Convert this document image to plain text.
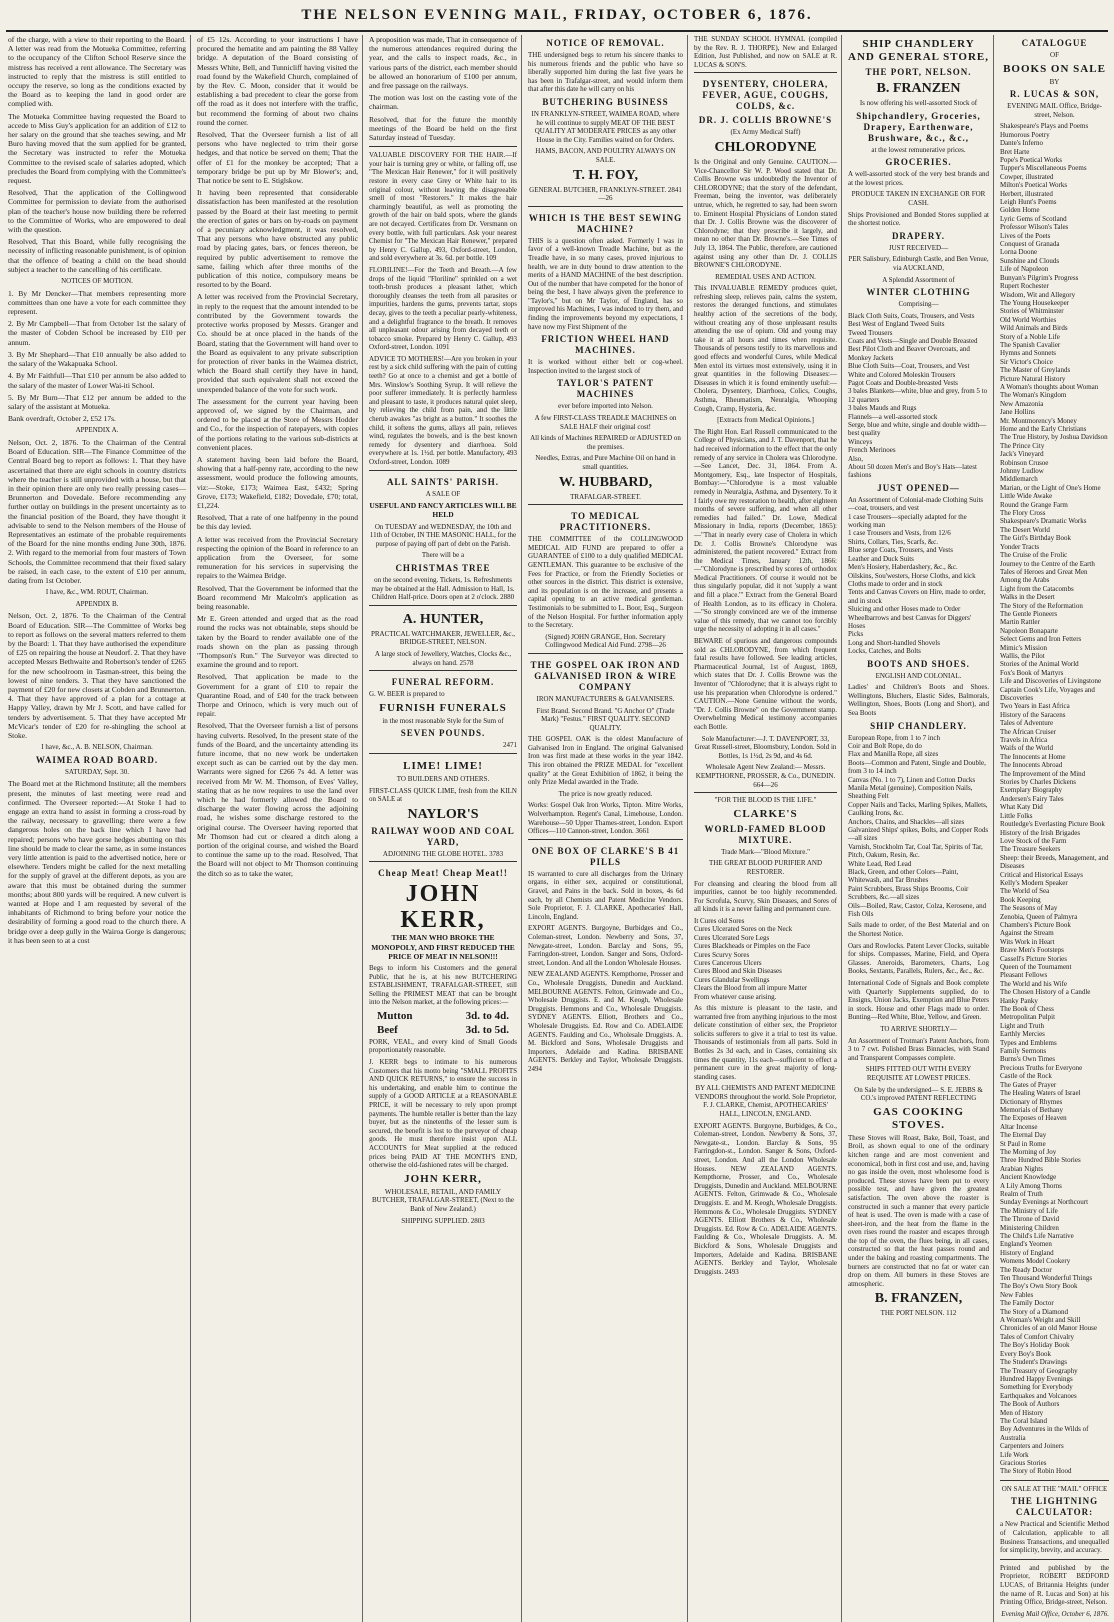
THE NELSON EVENING MAIL, FRIDAY, OCTOBER 6, 1876.

of the charge, with a view to their reporting to the Board. A letter was read from the Motueka Committee, referring to the occupancy of the Clifton School Reserve since the mistress has received a rent allowance. The Secretary was instructed to reply that the mistress is still entitled to occupy the reserve, so long as the conditions exacted by the Board as to keeping the land in good order are complied with.

The Motueka Committee having requested the Board to accede to Miss Guy's application for an addition of £12 to her salary on the ground that she teaches sewing, and Mr Buro having moved that the sum applied for be granted, the Secretary was instructed to refer the Motueka Committee to the revised scale of salaries adopted, which precludes the Board from complying with the Committee's request.

Resolved, That the application of the Collingwood Committee for permission to deviate from the authorised plan of the teacher's house now building there be referred to the Committee of Works, who are empowered to deal with the question.

Resolved, That this Board, while fully recognising the necessity of inflicting reasonable punishment, is of opinion that the offence of beating a child on the head should subject a teacher to the cancelling of his certificate.

NOTICES OF MOTION.

1. By Mr Dencker—That members representing more committees than one have a vote for each committee they represent.

2. By Mr Campbell—That from October 1st the salary of the master of Cobden School be increased by £10 per annum.

3. By Mr Shephard—That £10 annually be also added to the salary of the Wakapuaka School.

4. By Mr Faithfull—That £10 per annum be also added to the salary of the master of Lower Wai-iti School.

5. By Mr Burn—That £12 per annum be added to the salary of the assistant at Motueka.

Bank overdraft, October 2, £52 17s.

APPENDIX A.

Nelson, Oct. 2, 1876. To the Chairman of the Central Board of Education. SIR—The Finance Committee of the Central Board beg to report as follows: 1. That they have ascertained that there are eight schools in country districts where the teacher is still unprovided with a house, but that in their opinion there are only two really pressing cases—Brunnerton and Dovedale. Before recommending any further outlay on buildings in the present uncertainty as to the financial position of the Board, they have thought it advisable to send to the Nelson members of the House of Representatives an estimate of the probable requirements of the Board for the nine months ending June 30th, 1876. 2. With regard to the memorial from four masters of Town Schools, the Committee recommend that their fixed salary be raised, in each case, to the extent of £10 per annum, dating from 1st October.

I have, &c., WM. ROUT, Chairman.

APPENDIX B.

Nelson, Oct. 2, 1876. To the Chairman of the Central Board of Education. SIR—The Committee of Works beg to report as follows on the several matters referred to them by the Board: 1. That they have authorised the expenditure of £25 on repairing the house at Neudorf. 2. That they have accepted Messrs Bethwaite and Robertson's tender of £265 for the new schoolroom in Tasman-street, this being the lowest of nine tenders. 3. That they have sanctioned the payment of £20 for new closets at Cobden and Brunnerton. 4. That they have approved of a plan for a cottage at Happy Valley, drawn by Mr J. Scott, and have called for tenders by advertisement. 5. That they have accepted Mr McVicar's tender of £20 for re-shingling the school at Stoke.

I have, &c., A. B. NELSON, Chairman.

WAIMEA ROAD BOARD.

SATURDAY, Sept. 30.

The Board met at the Richmond Institute; all the members present, the minutes of last meeting were read and confirmed. The Overseer reported:—At Stoke I had to engage an extra hand to assist in forming a cross-road by the railway, necessary to gravelling; there were a few dangerous holes on the back line which I have had repaired; persons who have gorse hedges abutting on this line should be made to clear the same, as in some instances very little attention is paid to the advertised notice, here or elsewhere. Tenders might be called for the next metalling for the supply of gravel at the different depots, as you are aware that this must be obtained during the summer months; about 800 yards will be required. A new culvert is wanted at Hope and I am requested by several of the inhabitants of Richmond to bring before your notice the desirability of forming a good road to the church there. A bridge over a deep gully in the Wairoa Gorge is dangerous; it has been seen to at a cost

of £5 12s. According to your instructions I have procured the hematite and am painting the 88 Valley bridge. A deputation of the Board consisting of Messrs White, Bell, and Tunnicliff having visited the road found by the Wakefield Church, complained of by the Rev. C. Moon, consider that it would be establishing a bad precedent to clear the gorse from off the road as it does not interfere with the traffic, but recommend the forming of about two chains round the corner.

Resolved, That the Overseer furnish a list of all persons who have neglected to trim their gorse hedges, and that notice be served on them; That the offer of £1 for the monkey be accepted; That a temporary bridge be put up by Mr Blower's; and, That notice be sent to E. Stiglskow.

It having been represented that considerable dissatisfaction has been manifested at the resolution passed by the Board at their last meeting to permit the erection of gates or bars on by-roads on payment of a pecuniary acknowledgment, it was resolved, That any persons who have obstructed any public road by placing gates, bars, or fences thereon, be required by public advertisement to remove the same, failing which after three months of the publication of this notice, compulsory means be resorted to by the Board.

A letter was received from the Provincial Secretary, in reply to the request that the amount intended to be contributed by the Government towards the protective works proposed by Messrs. Granger and Co. should be at once placed in the hands of the Board, stating that the Government will hand over to the Board as equivalent to any private subscription for protection of river banks in the Waimea district, which the Board shall certify they have in hand, provided that such equivalent shall not exceed the unexpended balance of the vote for such work.

The assessment for the current year having been approved of, we signed by the Chairman, and ordered to be placed at the Store of Messrs Hodder and Co., for the inspection of ratepayers, with copies of the portions relating to the various sub-districts at convenient places.

A statement having been laid before the Board, showing that a half-penny rate, according to the new assessment, would produce the following amounts, viz:—Stoke, £173; Waimea East, £432; Spring Grove, £173; Wakefield, £182; Dovedale, £70; total, £1,224.

Resolved, That a rate of one halfpenny in the pound be this day levied.

A letter was received from the Provincial Secretary respecting the opinion of the Board in reference to an application from the Overseer, for some remuneration for his services in supervising the repairs to the Waimea Bridge.

Resolved, That the Government be informed that the Board recommend Mr Malcolm's application as being reasonable.

Mr E. Green attended and urged that as the road round the rocks was not obtainable, steps should be taken by the Board to render available one of the roads shown on the plan as passing through "Thompson's Run." The Surveyor was directed to examine the ground and to report.

Resolved, That application be made to the Government for a grant of £10 to repair the Quarantine Road, and of £40 for the track between Thorpe and Orinoco, which is very much out of repair.

Resolved, That the Overseer furnish a list of persons having culverts. Resolved, In the present state of the funds of the Board, and the uncertainty attending its future income, that no new work be undertaken except such as can be carried out by the day men. Warrants were signed for £266 7s 4d. A letter was received from Mr W. M. Thomson, of Eves' Valley, stating that as he now requires to use the land over which he had formerly allowed the Board to discharge the water flowing across the adjoining road, he wishes some discharge restored to the original course. The Overseer having reported that Mr Thomson had cut or cleared a ditch along a portion of the original course, and wished the Board to continue the same up to the road. Resolved, That the Board will not object to Mr Thomson continuing the ditch so as to take the water,

A proposition was made, That in consequence of the numerous attendances required during the year, and the calls to inspect roads, &c., in various parts of the district, each member should be allowed an honorarium of £100 per annum, and free passage on the railways.

The motion was lost on the casting vote of the chairman.

Resolved, that for the future the monthly meetings of the Board be held on the first Saturday instead of Tuesday.

VALUABLE DISCOVERY FOR THE HAIR.—If your hair is turning grey or white, or falling off, use "The Mexican Hair Renewer," for it will positively restore in every case Grey or White hair to its original colour, without leaving the disagreeable smell of most "Restorers." It makes the hair charmingly beautiful, as well as promoting the growth of the hair on bald spots, where the glands are not decayed. Certificates from Dr. Versmann on every bottle, with full particulars. Ask your nearest Chemist for "The Mexican Hair Renewer," prepared by Henry C. Gallup, 493, Oxford-street, London, and sold everywhere at 3s. 6d. per bottle. 109

FLORILINE!—For the Teeth and Breath.—A few drops of the liquid "Floriline" sprinkled on a wet tooth-brush produces a pleasant lather, which thoroughly cleanses the teeth from all parasites or impurities, hardens the gums, prevents tartar, stops decay, gives to the teeth a peculiar pearly-whiteness, and a delightful fragrance to the breath. It removes all unpleasant odour arising from decayed teeth or tobacco smoke. Prepared by Henry C. Gallup, 493 Oxford-street, London. 1091

ADVICE TO MOTHERS!—Are you broken in your rest by a sick child suffering with the pain of cutting teeth? Go at once to a chemist and get a bottle of Mrs. Winslow's Soothing Syrup. It will relieve the poor sufferer immediately. It is perfectly harmless and pleasant to taste, it produces natural quiet sleep, by relieving the child from pain, and the little cherub awakes "as bright as a button." It soothes the child, it softens the gums, allays all pain, relieves wind, regulates the bowels, and is the best known remedy for dysentery and diarrhoea. Sold everywhere at 1s. 1½d. per bottle. Manufactory, 493 Oxford-street, London. 1089

ALL SAINTS' PARISH.

A SALE OF

USEFUL AND FANCY ARTICLES WILL BE HELD

On TUESDAY and WEDNESDAY, the 10th and 11th of October, IN THE MASONIC HALL, for the purpose of paying off part of debt on the Parish.

There will be a

CHRISTMAS TREE

on the second evening. Tickets, 1s. Refreshments may be obtained at the Hall. Admission to Hall, 1s. Children Half-price. Doors open at 2 o'clock. 2880

A. HUNTER,

PRACTICAL WATCHMAKER, JEWELLER, &c., BRIDGE-STREET, NELSON.

A large stock of Jewellery, Watches, Clocks &c., always on hand. 2578

FUNERAL REFORM.

G. W. BEER is prepared to

FURNISH FUNERALS

in the most reasonable Style for the Sum of

SEVEN POUNDS.

2471

LIME! LIME!

TO BUILDERS AND OTHERS.

FIRST-CLASS QUICK LIME, fresh from the KILN on SALE at

NAYLOR'S
RAILWAY WOOD AND COAL YARD,

ADJOINING THE GLOBE HOTEL. 3783

Cheap Meat! Cheap Meat!!
JOHN KERR,

THE MAN WHO BROKE THE MONOPOLY, AND FIRST REDUCED THE PRICE OF MEAT IN NELSON!!!

Begs to inform his Customers and the general Public, that he is, at his new BUTCHERING ESTABLISHMENT, TRAFALGAR-STREET, still Selling the PRIMEST MEAT that can be brought into the Nelson market, at the following prices:—

Mutton	3d. to 4d.
Beef	3d. to 5d.

PORK, VEAL, and every kind of Small Goods proportionately reasonable.

J. KERR begs to intimate to his numerous Customers that his motto being "SMALL PROFITS AND QUICK RETURNS," to ensure the success in his undertaking, and enable him to continue the supply of a GOOD ARTICLE at a REASONABLE PRICE, it will be necessary to rely upon prompt payments. The humble retaller is better than the lazy buyer, but as the ninetenths of the lesser sum is secured, the benefit is lost to the purveyor of cheap goods. He must therefore insist upon ALL ACCOUNTS for Meat supplied at the reduced prices being PAID AT THE MONTH'S END, otherwise the old-fashioned rates will be charged.

JOHN KERR,

WHOLESALE, RETAIL, AND FAMILY BUTCHER, TRAFALGAR-STREET, (Next to the Bank of New Zealand.)

SHIPPING SUPPLIED. 2803

NOTICE OF REMOVAL.

THE undersigned begs to return his sincere thanks to his numerous friends and the public who have so liberally supported him during the last five years he has been in Trafalgar-street, and would inform them that after this date he will carry on his

BUTCHERING BUSINESS

IN FRANKLYN-STREET, WAIMEA ROAD, where he will continue to supply MEAT OF THE BEST QUALITY AT MODERATE PRICES as any other House in the City. Families waited on for Orders.

HAMS, BACON, AND POULTRY ALWAYS ON SALE.

T. H. FOY,

GENERAL BUTCHER, FRANKLYN-STREET. 2841—26

WHICH IS THE BEST SEWING MACHINE?

THIS is a question often asked. Formerly I was in favor of a well-known Treadle Machine, but as the Treadle have, in so many cases, proved injurious to health, we are in duty bound to draw attention to the merits of a HAND MACHINE of the best description. Out of the number that have competed for the honor of being the best, I have always given the preference to "Taylor's," but on Mr Taylor, of England, has so improved his Machines, I was induced to try them, and finding the improvements beyond my expectations, I have now my First Shipment of the

FRICTION WHEEL HAND MACHINES.

It is worked without either belt or cog-wheel. Inspection invited to the largest stock of

TAYLOR'S PATENT MACHINES

ever before imported into Nelson.

A few FIRST-CLASS TREADLE MACHINES on SALE HALF their original cost!

All kinds of Machines REPAIRED or ADJUSTED on the premises.

Needles, Extras, and Pure Machine Oil on hand in small quantities.

W. HUBBARD,

TRAFALGAR-STREET.

TO MEDICAL PRACTITIONERS.

THE COMMITTEE of the COLLINGWOOD MEDICAL AID FUND are prepared to offer a GUARANTEE of £100 to a duly qualified MEDICAL GENTLEMAN. This guarantee to be exclusive of the Fees for Practice, or from the Friendly Societies or other sources in the district. This district is extensive, and its population is on the increase, and presents a capital opening to an active medical gentleman. Testimonials to be submitted to L. Boor, Esq., Surgeon of the Nelson Hospital. For further information apply to the Secretary.

(Signed) JOHN GRANGE, Hon. Secretary Collingwood Medical Aid Fund. 2798—26

THE GOSPEL OAK IRON AND GALVANISED IRON & WIRE COMPANY

IRON MANUFACTURERS & GALVANISERS.

First Brand. Second Brand. "G Anchor O" (Trade Mark) "Festus." FIRST QUALITY. SECOND QUALITY.

THE GOSPEL OAK is the oldest Manufacture of Galvanised Iron in England. The original Galvanised Iron was first made at these works in the year 1842. This iron obtained the PRIZE MEDAL for "excellent quality" at the Great Exhibition of 1862, it being the only Prize Medal awarded in the Trade.

The price is now greatly reduced.

Works: Gospel Oak Iron Works, Tipton. Mitre Works, Wolverhampton. Regent's Canal, Limehouse, London. Warehouse—50 Upper Thames-street, London. Export Offices—110 Cannon-street, London. 3661

ONE BOX OF CLARKE'S B 41 PILLS

IS warranted to cure all discharges from the Urinary organs, in either sex, acquired or constitutional, Gravel, and Pains in the back. Sold in boxes, 4s 6d each, by all Chemists and Patent Medicine Vendors. Sole Proprietor, F. J. CLARKE, Apothecaries' Hall, Lincoln, England.

EXPORT AGENTS. Burgoyne, Burbidges and Co., Coleman-street, London. Newberry and Sons, 37, Newgate-street, London. Barclay and Sons, 95, Farringdon-street, London. Sanger and Sons, Oxford-street, London. And all the London Wholesale Houses.

NEW ZEALAND AGENTS. Kempthorne, Prosser and Co., Wholesale Druggists, Dunedin and Auckland. MELBOURNE AGENTS. Felton, Grimwade and Co., Wholesale Druggists. E. and M. Keogh, Wholesale Druggists. Hemmons and Co., Wholesale Druggists. SYDNEY AGENTS. Elliott, Brothers and Co., Wholesale Druggists. Ed. Row and Co. ADELAIDE AGENTS. Faulding and Co., Wholesale Druggists. A. M. Bickford and Sons, Wholesale Druggists and Importers, Adelaide and Kadina. BRISBANE AGENTS. Berkley and Taylor, Wholesale Druggists. 2494

THE SUNDAY SCHOOL HYMNAL (compiled by the Rev. R. J. THORPE), New and Enlarged Edition, Just Published, and now on SALE at R. LUCAS & SON'S.

DYSENTERY, CHOLERA, FEVER, AGUE, COUGHS, COLDS, &c.
DR. J. COLLIS BROWNE'S

(Ex Army Medical Staff)

CHLORODYNE

Is the Original and only Genuine. CAUTION.—Vice-Chancellor Sir W. P. Wood stated that Dr. Collis Browne was undoubtedly the Inventor of CHLORODYNE; that the story of the defendant, Freeman, being the inventor, was deliberately untrue, which, he regretted to say, had been sworn to. Eminent Hospital Physicians of London stated that Dr. J. Collis Browne was the discoverer of Chlorodyne; that they prescribe it largely, and mean no other than Dr. Browne's.—See Times of July 13, 1864. The Public, therefore, are cautioned against using any other than Dr. J. COLLIS BROWNE'S CHLORODYNE.

REMEDIAL USES AND ACTION.

This INVALUABLE REMEDY produces quiet, refreshing sleep, relieves pain, calms the system, restores the deranged functions, and stimulates healthy action of the secretions of the body, without creating any of those unpleasant results attending the use of opium. Old and young may take it at all hours and times when requisite. Thousands of persons testify to its marvellous and good effects and wonderful Cures, while Medical Men extol its virtues most extensively, using it in great quantities in the following Diseases:—Diseases in which it is found eminently useful:—Cholera, Dysentery, Diarrhoea, Colics, Coughs, Asthma, Rheumatism, Neuralgia, Whooping Cough, Cramp, Hysteria, &c.

[Extracts from Medical Opinions.]

The Right Hon. Earl Russell communicated to the College of Physicians, and J. T. Davenport, that he had received information to the effect that the only remedy of any service in Cholera was Chlorodyne.—See Lancet, Dec. 31, 1864. From A. Montgomery, Esq., late Inspector of Hospitals, Bombay:—"Chlorodyne is a most valuable remedy in Neuralgia, Asthma, and Dysentery. To it I fairly owe my restoration to health, after eighteen months of severe suffering, and when all other remedies had failed." Dr. Lowe, Medical Missionary in India, reports (December, 1865):—"That in nearly every case of Cholera in which Dr. J. Collis Browne's Chlorodyne was administered, the patient recovered." Extract from the Medical Times, January 12th, 1866:—"Chlorodyne is prescribed by scores of orthodox Medical Practitioners. Of course it would not be thus singularly popular, did it not 'supply a want and fill a place.'" Extract from the General Board of Health London, as to its efficacy in Cholera.—"So strongly convinced are we of the immense value of this remedy, that we cannot too forcibly urge the necessity of adopting it in all cases."

BEWARE of spurious and dangerous compounds sold as CHLORODYNE, from which frequent fatal results have followed. See leading articles, Pharmaceutical Journal, 1st of August, 1869, which states that Dr. J. Collis Browne was the Inventor of "Chlorodyne; that it is always right to use his preparation when Chlorodyne is ordered." CAUTION.—None Genuine without the words, "Dr. J. Collis Browne" on the Government stamp. Overwhelming Medical testimony accompanies each Bottle.

Sole Manufacturer:—J. T. DAVENPORT, 33, Great Russell-street, Bloomsbury, London. Sold in Bottles, 1s 1½d, 2s 9d, and 4s 6d.

Wholesale Agent New Zealand:— Messrs. KEMPTHORNE, PROSSER, & Co., DUNEDIN. 664—26

"FOR THE BLOOD IS THE LIFE."

CLARKE'S
WORLD-FAMED BLOOD MIXTURE.

Trade Mark—"Blood Mixture."

THE GREAT BLOOD PURIFIER AND RESTORER.

For cleansing and clearing the blood from all impurities, cannot be too highly recommended. For Scrofula, Scurvy, Skin Diseases, and Sores of all kinds it is a never failing and permanent cure.

It Cures old Sores
Cures Ulcerated Sores on the Neck
Cures Ulcerated Sore Legs
Cures Blackheads or Pimples on the Face
Cures Scurvy Sores
Cures Cancerous Ulcers
Cures Blood and Skin Diseases
Cures Glandular Swellings
Clears the Blood from all impure Matter
From whatever cause arising.

As this mixture is pleasant to the taste, and warranted free from anything injurious to the most delicate constitution of either sex, the Proprietor solicits sufferers to give it a trial to test its value. Thousands of testimonials from all parts. Sold in Bottles 2s 3d each, and in Cases, containing six times the quantity, 11s each—sufficient to effect a permanent cure in the great majority of long-standing cases.

BY ALL CHEMISTS AND PATENT MEDICINE VENDORS throughout the world. Sole Proprietor, F. J. CLARKE, Chemist, APOTHECARIES' HALL, LINCOLN, ENGLAND.

EXPORT AGENTS. Burgoyne, Burbidges, & Co., Coleman-street, London. Newberry & Sons, 37, Newgate-st., London. Barclay & Sons, 95 Farringdon-st., London. Sanger & Sons, Oxford-street, London. And all the London Wholesale Houses. NEW ZEALAND AGENTS. Kempthorne, Prosser, and Co., Wholesale Druggists, Dunedin and Auckland. MELBOURNE AGENTS. Felton, Grimwade & Co., Wholesale Druggists. E. and M. Keogh, Wholesale Druggists. Hemmons & Co., Wholesale Druggists. SYDNEY AGENTS. Elliott Brothers & Co., Wholesale Druggists. Ed. Row & Co. ADELAIDE AGENTS. Faulding & Co., Wholesale Druggists. A. M. Bickford & Sons, Wholesale Druggists and Importers, Adelaide and Kadina. BRISBANE AGENTS. Berkley and Taylor, Wholesale Druggists. 2493

SHIP CHANDLERY AND GENERAL STORE,
THE PORT, NELSON.
B. FRANZEN

Is now offering his well-assorted Stock of

Shipchandlery, Groceries, Drapery, Earthenware, Brushware, &c., &c.,

at the lowest remunerative prices.

GROCERIES.

A well-assorted stock of the very best brands and at the lowest prices.

PRODUCE TAKEN IN EXCHANGE OR FOR CASH.

Ships Provisioned and Bonded Stores supplied at the shortest notice.

DRAPERY.

JUST RECEIVED—

PER Salisbury, Edinburgh Castle, and Ben Venue, via AUCKLAND,

A Splendid Assortment of

WINTER CLOTHING

Comprising—

Black Cloth Suits, Coats, Trousers, and Vests
Best West of England Tweed Suits
Tweed Trousers
Coats and Vests—Single and Double Breasted
Best Pilot Cloth and Beaver Overcoats, and Monkey Jackets
Blue Cloth Suits—Coat, Trousers, and Vest
White and Colored Moleskin Trousers
Pagot Coats and Double-breasted Vests
3 bales Blankets—white, blue and grey, from 5 to 12 quarters
3 bales Mauds and Rugs
Flannels—a well-assorted stock
Serge, blue and white, single and double width—best quality
Winceys
French Merinoes
Also,
About 50 dozen Men's and Boy's Hats—latest fashions
JUST OPENED—
An Assortment of Colonial-made Clothing Suits—coat, trousers, and vest
1 case Trousers—specially adapted for the working man
1 case Trousers and Vests, from 12/6
Shirts, Collars, Ties, Scarfs, &c.
Blue serge Coats, Trousers, and Vests
Leather and Duck Suits
Men's Hosiery, Haberdashery, &c., &c.
Oilskins, Sou'westers, Horse Cloths, and kick Cloths made to order and in stock
Tents and Canvas Covers on Hire, made to order, and in stock
Sluicing and other Hoses made to Order
Wheelbarrows and best Canvas for Diggers' Hoses
Picks
Long and Short-handled Shovels
Locks, Catches, and Bolts
BOOTS AND SHOES.

ENGLISH AND COLONIAL.

Ladies' and Children's Boots and Shoes. Wellingtons, Bluchers, Elastic Sides, Balmorals, Wellington, Shoes, Boots (Long and Short), and Sea Boots

SHIP CHANDLERY.
European Rope, from 1 to 7 inch
Coir and Bolt Rope, do do
Flax and Manilla Rope, all sizes
Boots—Common and Patent, Single and Double, from 3 to 14 inch
Canvas (No. 1 to 7), Linen and Cotton Ducks
Manila Metal (genuine), Composition Nails, Sheathing Felt
Copper Nails and Tacks, Marling Spikes, Mallets, Caulking Irons, &c.
Anchors, Chains, and Shackles—all sizes
Galvanized Ships' spikes, Bolts, and Copper Rods—all sizes
Varnish, Stockholm Tar, Coal Tar, Spirits of Tar, Pitch, Oakum, Resin, &c.
White Lead, Red Lead
Black, Green, and other Colors—Paint, Whitewash, and Tar Brushes
Paint Scrubbers, Brass Ships Brooms, Coir Scrubbers, &c.—all sizes
Oils—Boiled, Raw, Castor, Colza, Kerosene, and Fish Oils

Sails made to order, of the Best Material and on the Shortest Notice.

Oars and Rowlocks. Patent Lever Clocks, suitable for ships. Compasses, Marine, Field, and Opera Glasses. Aneroids, Barometers, Charts, Log Books, Sextants, Parallels, Rulers, &c., &c., &c.

International Code of Signals and Book complete with Quarterly Supplements supplied, do to Ensigns, Union Jacks, Exemption and Blue Peters in stock. House and other Flags made to order. Bunting—Red White, Blue, Yellow, and Green.

TO ARRIVE SHORTLY—

An Assortment of Trotman's Patent Anchors, from 3 to 7 cwt. Polished Brass Binnacles, with Stand and Transparent Compasses complete.

SHIPS FITTED OUT WITH EVERY REQUISITE AT LOWEST PRICES.

On Sale by the undersigned— S. E. JEBBS & CO.'s improved PATENT REFLECTING

GAS COOKING STOVES.

These Stoves will Roast, Bake, Boil, Toast, and Broil, as shown equal to one of the ordinary kitchen range and are most convenient and economical, both in first cost and use, and, having no gas inside the oven, most wholesome food is produced. These stoves have been put to every possible test, and have given the greatest satisfaction. The oven above the roaster is constructed in such a manner that every particle of heat is used. The oven is made with a case of sheet-iron, and the heat from the flame in the oven rises round the roaster and escapes through the top of the oven, the flues being, in all cases, constructed so that the heat passes round and under the baking and roasting compartments. The burners are constructed that no fat or water can drop on them. All burners in these Stoves are atmospheric.

B. FRANZEN,

THE PORT NELSON. 112

CATALOGUE

OF

BOOKS ON SALE

BY

R. LUCAS & SON,

EVENING MAIL Office, Bridge-street, Nelson.

Shakespeare's Plays and Poems
Humorous Poetry
Dante's Inferno
Bret Harte
Pope's Poetical Works
Tupper's Miscellaneous Poems
Cowper, illustrated
Milton's Poetical Works
Herbert, illustrated
Leigh Hunt's Poems
Golden Home
Lyric Gems of Scotland
Professor Wilson's Tales
Lives of the Poets
Conquest of Granada
Lorna Doone
Sunshine and Clouds
Life of Napoleon
Bunyan's Pilgrim's Progress
Rupert Rochester
Wisdom, Wit and Allegory
The Young Housekeeper
Stories of Whitminster
Old World Worthies
Wild Animals and Birds
Story of a Noble Life
The Spanish Cavalier
Hymns and Sonnets
Sir Victor's Choice
The Master of Greylands
Picture Natural History
A Woman's thoughts about Woman
The Woman's Kingdom
New Amazonia
Jane Hollins
Mr. Montmorency's Money
Home and the Early Christians
The True History, by Joshua Davidson
The Prince City
Jack's Vineyard
Robinson Crusoe
Johnny Ludlow
Middlemarch
Marian, or the Light of One's Home
Little Wide Awake
Round the Grange Farm
The Flory Cross
Shakespeare's Dramatic Works
The Desert World
The Girl's Birthday Book
Yonder Tracts
The Cruise of the Frolic
Journey to the Centre of the Earth
Tales of Heroes and Great Men
Among the Arabs
Light from the Catacombs
Walks in the Desert
The Story of the Reformation
The Gentle Pioneers
Martin Rattler
Napoleon Bonaparte
Select Gems and Iron Fetters
Mimic's Mission
Wallis, the Pilot
Stories of the Animal World
Fox's Book of Martyrs
Life and Discoveries of Livingstone
Captain Cook's Life, Voyages and Discoveries
Two Years in East Africa
History of the Saracens
Tales of Adventure
The African Cruiser
Travels in Africa
Waifs of the World
The Innocents at Home
The Innocents Abroad
The Improvement of the Mind
Stories by Charles Dickens
Exemplary Biography
Andersen's Fairy Tales
What Katy Did
Little Folks
Routledge's Everlasting Picture Book
History of the Irish Brigades
Love Stock of the Farm
The Treasure Seekers
Sheep: their Breeds, Management, and Diseases
Critical and Historical Essays
Kelly's Modern Speaker
The World of Sea
Book Keeping
The Seasons of May
Zenobia, Queen of Palmyra
Chambers's Picture Book
Against the Stream
Wits Work in Heart
Brave Men's Footsteps
Cassell's Picture Stories
Queen of the Tournament
Pleasant Fellows
The World and his Wife
The Chosen History of a Candle
Hanky Panky
The Book of Chess
Metropolitan Pulpit
Light and Truth
Earthly Mercies
Types and Emblems
Family Sermons
Burns's Own Times
Precious Truths for Everyone
Castle of the Rock
The Gates of Prayer
The Healing Waters of Israel
Dictionary of Rhymes
Memorials of Bethany
The Exposes of Heaven
Altar Incense
The Eternal Day
St Paul in Rome
The Morning of Joy
Three Hundred Bible Stories
Arabian Nights
Ancient Knowledge
A Lily Among Thorns
Realm of Truth
Sunday Evenings at Northcourt
The Ministry of Life
The Throne of David
Ministering Children
The Child's Life Narrative
England's Yeomen
History of England
Womens Model Cookery
The Ready Doctor
Ten Thousand Wonderful Things
The Boy's Own Story Book
New Fables
The Family Doctor
The Story of a Diamond
A Woman's Weight and Skill
Chronicles of an old Manor House
Tales of Comfort Chivalry
The Boy's Holiday Book
Every Boy's Book
The Student's Drawings
The Treasury of Geography
Hundred Happy Evenings
Something for Everybody
Earthquakes and Volcanoes
The Book of Authors
Men of History
The Coral Island
Boy Adventures in the Wilds of Australia
Carpenters and Joiners
Life Work
Gracious Stories
The Story of Robin Hood

ON SALE AT THE "MAIL" OFFICE

THE LIGHTNING CALCULATOR:

a New Practical and Scientific Method of Calculation, applicable to all Business Transactions, and unequalled for simplicity, brevity, and accuracy.

Printed and published by the Proprietor, ROBERT BEDFORD LUCAS, of Britannia Heights (under the name of R. Lucas and Son) at his Printing Office, Bridge-street, Nelson.

Evening Mail Office, October 6, 1876.
